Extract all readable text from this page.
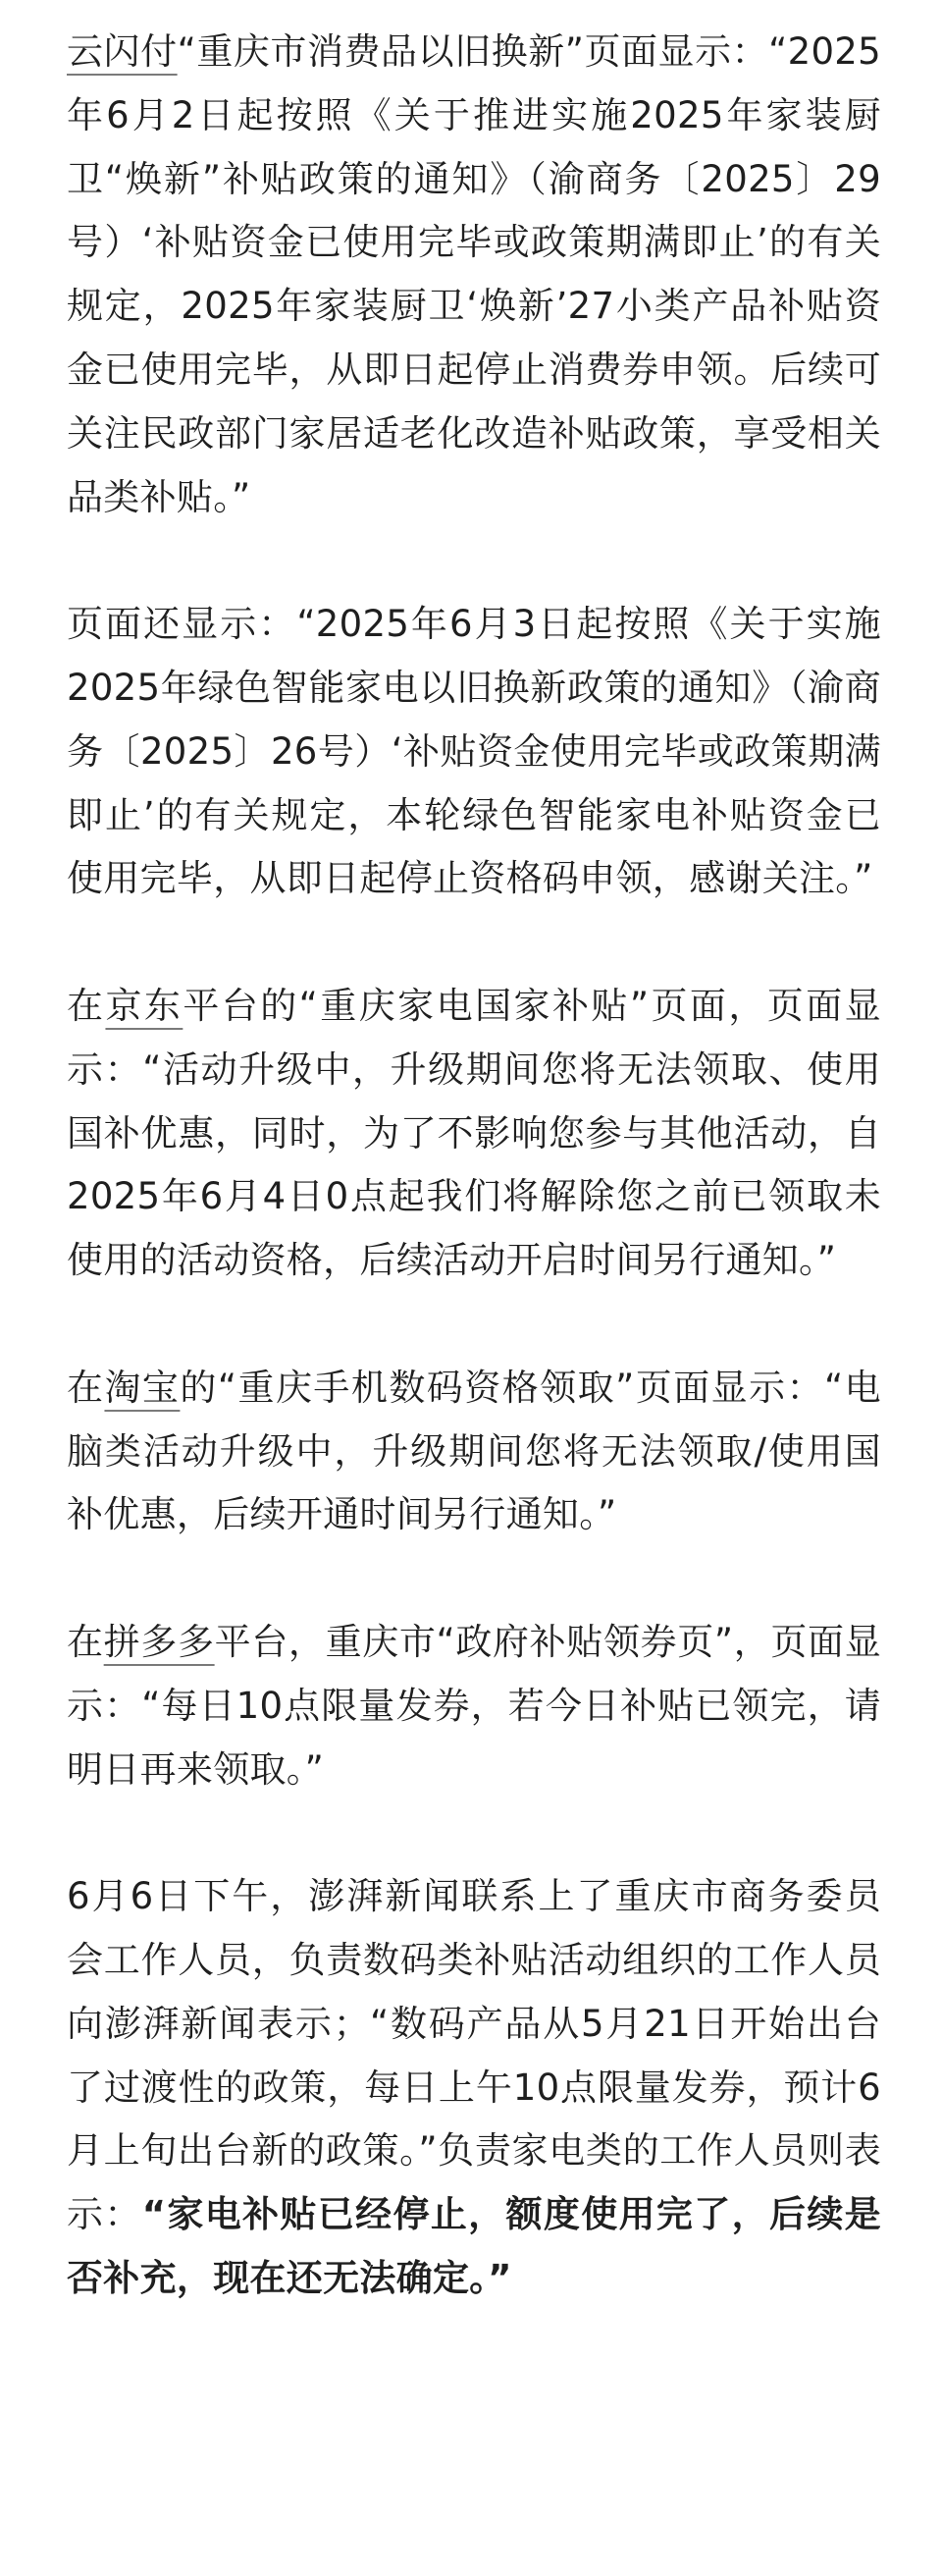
云闪付“重庆市消费品以旧换新”页面显示：“2025年6月2日起按照《关于推进实施2025年家装厨卫“焕新”补贴政策的通知》（渝商务〔2025〕29号）‘补贴资金已使用完毕或政策期满即止’的有关规定，2025年家装厨卫‘焕新’27小类产品补贴资金已使用完毕，从即日起停止消费券申领。后续可关注民政部门家居适老化改造补贴政策，享受相关品类补贴。”

页面还显示：“2025年6月3日起按照《关于实施2025年绿色智能家电以旧换新政策的通知》（渝商务〔2025〕26号）‘补贴资金使用完毕或政策期满即止’的有关规定，本轮绿色智能家电补贴资金已使用完毕，从即日起停止资格码申领，感谢关注。”

在京东平台的“重庆家电国家补贴”页面，页面显示：“活动升级中，升级期间您将无法领取、使用国补优惠，同时，为了不影响您参与其他活动，自2025年6月4日0点起我们将解除您之前已领取未使用的活动资格，后续活动开启时间另行通知。”

在淘宝的“重庆手机数码资格领取”页面显示：“电脑类活动升级中，升级期间您将无法领取/使用国补优惠，后续开通时间另行通知。”

在拼多多平台，重庆市“政府补贴领券页”，页面显示：“每日10点限量发券，若今日补贴已领完，请明日再来领取。”

6月6日下午，澎湃新闻联系上了重庆市商务委员会工作人员，负责数码类补贴活动组织的工作人员向澎湃新闻表示；“数码产品从5月21日开始出台了过渡性的政策，每日上午10点限量发券，预计6月上旬出台新的政策。”负责家电类的工作人员则表示：“家电补贴已经停止，额度使用完了，后续是否补充，现在还无法确定。”
